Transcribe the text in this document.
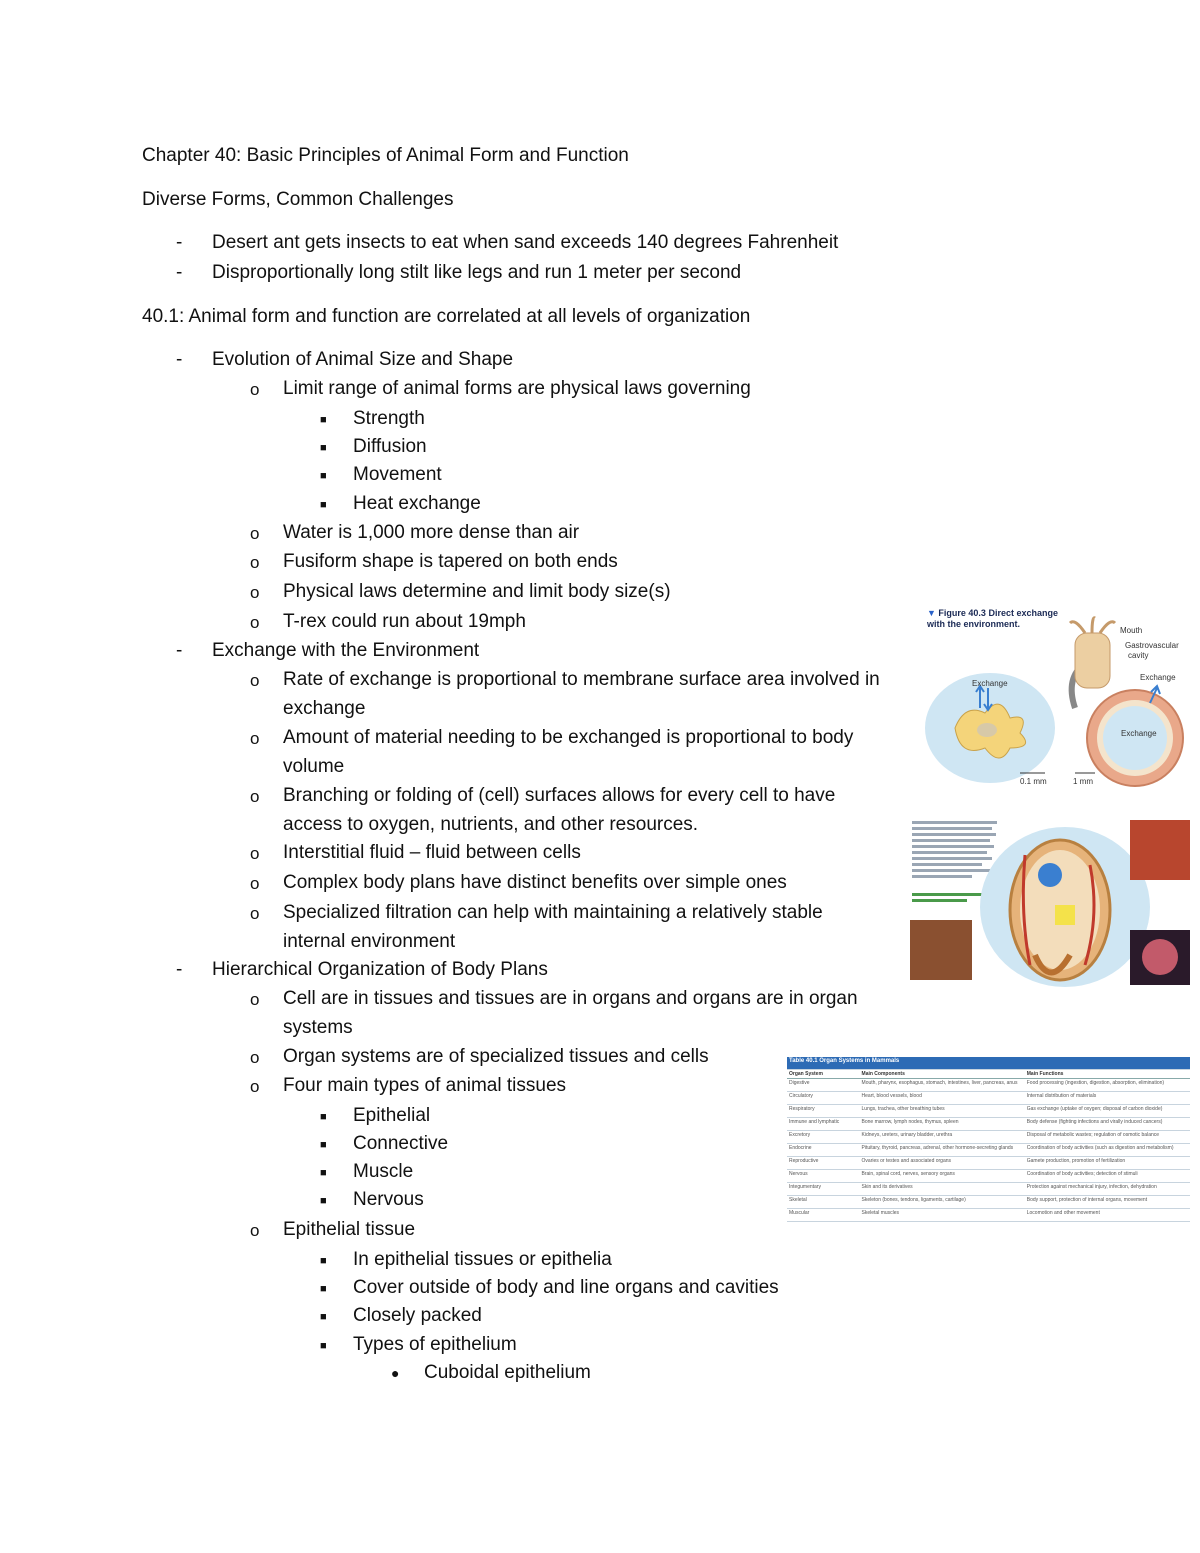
Chapter 40: Basic Principles of Animal Form and Function
Diverse Forms, Common Challenges
- Desert ant gets insects to eat when sand exceeds 140 degrees Fahrenheit
- Disproportionally long stilt like legs and run 1 meter per second
40.1: Animal form and function are correlated at all levels of organization
- Evolution of Animal Size and Shape
o Limit range of animal forms are physical laws governing
■ Strength
■ Diffusion
■ Movement
■ Heat exchange
o Water is 1,000 more dense than air
o Fusiform shape is tapered on both ends
o Physical laws determine and limit body size(s)
o T-rex could run about 19mph
- Exchange with the Environment
o Rate of exchange is proportional to membrane surface area involved in
exchange
o Amount of material needing to be exchanged is proportional to body
volume
o Branching or folding of (cell) surfaces allows for every cell to have
access to oxygen, nutrients, and other resources.
o Interstitial fluid – fluid between cells
o Complex body plans have distinct benefits over simple ones
o Specialized filtration can help with maintaining a relatively stable
internal environment
- Hierarchical Organization of Body Plans
o Cell are in tissues and tissues are in organs and organs are in organ
systems
o Organ systems are of specialized tissues and cells
o Four main types of animal tissues
■ Epithelial
■ Connective
■ Muscle
■ Nervous
o Epithelial tissue
■ In epithelial tissues or epithelia
■ Cover outside of body and line organs and cavities
■ Closely packed
■ Types of epithelium
● Cuboidal epithelium
▼ Figure 40.3 Direct exchange
with the environment.
Mouth
Gastrovascular
cavity
Exchange
Exchange
Exchange
0.1 mm	1 mm
Table 40.1 Organ Systems in Mammals		
Organ System	Main Components	Main Functions
Digestive	Mouth, pharynx, esophagus, stomach, intestines, liver, pancreas, anus	Food processing (ingestion, digestion, absorption, elimination)
Circulatory	Heart, blood vessels, blood	Internal distribution of materials
Respiratory	Lungs, trachea, other breathing tubes	Gas exchange (uptake of oxygen; disposal of carbon dioxide)
Immune and lymphatic	Bone marrow, lymph nodes, thymus, spleen	Body defense (fighting infections and virally induced cancers)
Excretory	Kidneys, ureters, urinary bladder, urethra	Disposal of metabolic wastes; regulation of osmotic balance
Endocrine	Pituitary, thyroid, pancreas, adrenal, other hormone-secreting glands	Coordination of body activities (such as digestion and metabolism)
Reproductive	Ovaries or testes and associated organs	Gamete production, promotion of fertilization
Nervous	Brain, spinal cord, nerves, sensory organs	Coordination of body activities; detection of stimuli
Integumentary	Skin and its derivatives	Protection against mechanical injury, infection, dehydration
Skeletal	Skeleton (bones, tendons, ligaments, cartilage)	Body support, protection of internal organs, movement
Muscular	Skeletal muscles	Locomotion and other movement
